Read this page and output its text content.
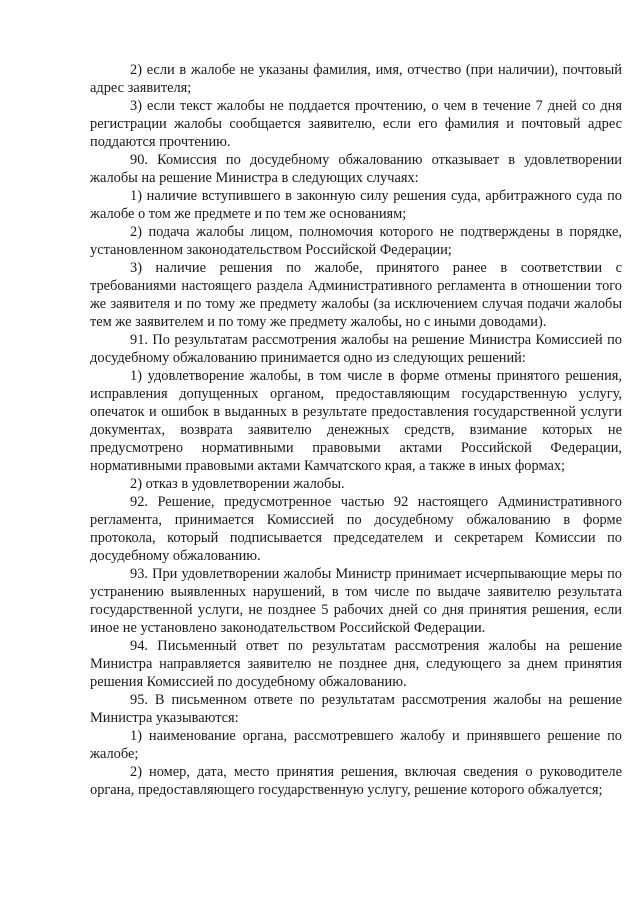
2) если в жалобе не указаны фамилия, имя, отчество (при наличии), почтовый адрес заявителя;

3) если текст жалобы не поддается прочтению, о чем в течение 7 дней со дня регистрации жалобы сообщается заявителю, если его фамилия и почтовый адрес поддаются прочтению.

90. Комиссия по досудебному обжалованию отказывает в удовлетворении жалобы на решение Министра в следующих случаях:

1) наличие вступившего в законную силу решения суда, арбитражного суда по жалобе о том же предмете и по тем же основаниям;

2) подача жалобы лицом, полномочия которого не подтверждены в порядке, установленном законодательством Российской Федерации;

3) наличие решения по жалобе, принятого ранее в соответствии с требованиями настоящего раздела Административного регламента в отношении того же заявителя и по тому же предмету жалобы (за исключением случая подачи жалобы тем же заявителем и по тому же предмету жалобы, но с иными доводами).

91. По результатам рассмотрения жалобы на решение Министра Комиссией по досудебному обжалованию принимается одно из следующих решений:

1) удовлетворение жалобы, в том числе в форме отмены принятого решения, исправления допущенных органом, предоставляющим государственную услугу, опечаток и ошибок в выданных в результате предоставления государственной услуги документах, возврата заявителю денежных средств, взимание которых не предусмотрено нормативными правовыми актами Российской Федерации, нормативными правовыми актами Камчатского края, а также в иных формах;

2) отказ в удовлетворении жалобы.

92. Решение, предусмотренное частью 92 настоящего Административного регламента, принимается Комиссией по досудебному обжалованию в форме протокола, который подписывается председателем и секретарем Комиссии по досудебному обжалованию.

93. При удовлетворении жалобы Министр принимает исчерпывающие меры по устранению выявленных нарушений, в том числе по выдаче заявителю результата государственной услуги, не позднее 5 рабочих дней со дня принятия решения, если иное не установлено законодательством Российской Федерации.

94. Письменный ответ по результатам рассмотрения жалобы на решение Министра направляется заявителю не позднее дня, следующего за днем принятия решения Комиссией по досудебному обжалованию.

95. В письменном ответе по результатам рассмотрения жалобы на решение Министра указываются:

1) наименование органа, рассмотревшего жалобу и принявшего решение по жалобе;

2) номер, дата, место принятия решения, включая сведения о руководителе органа, предоставляющего государственную услугу, решение которого обжалуется;
